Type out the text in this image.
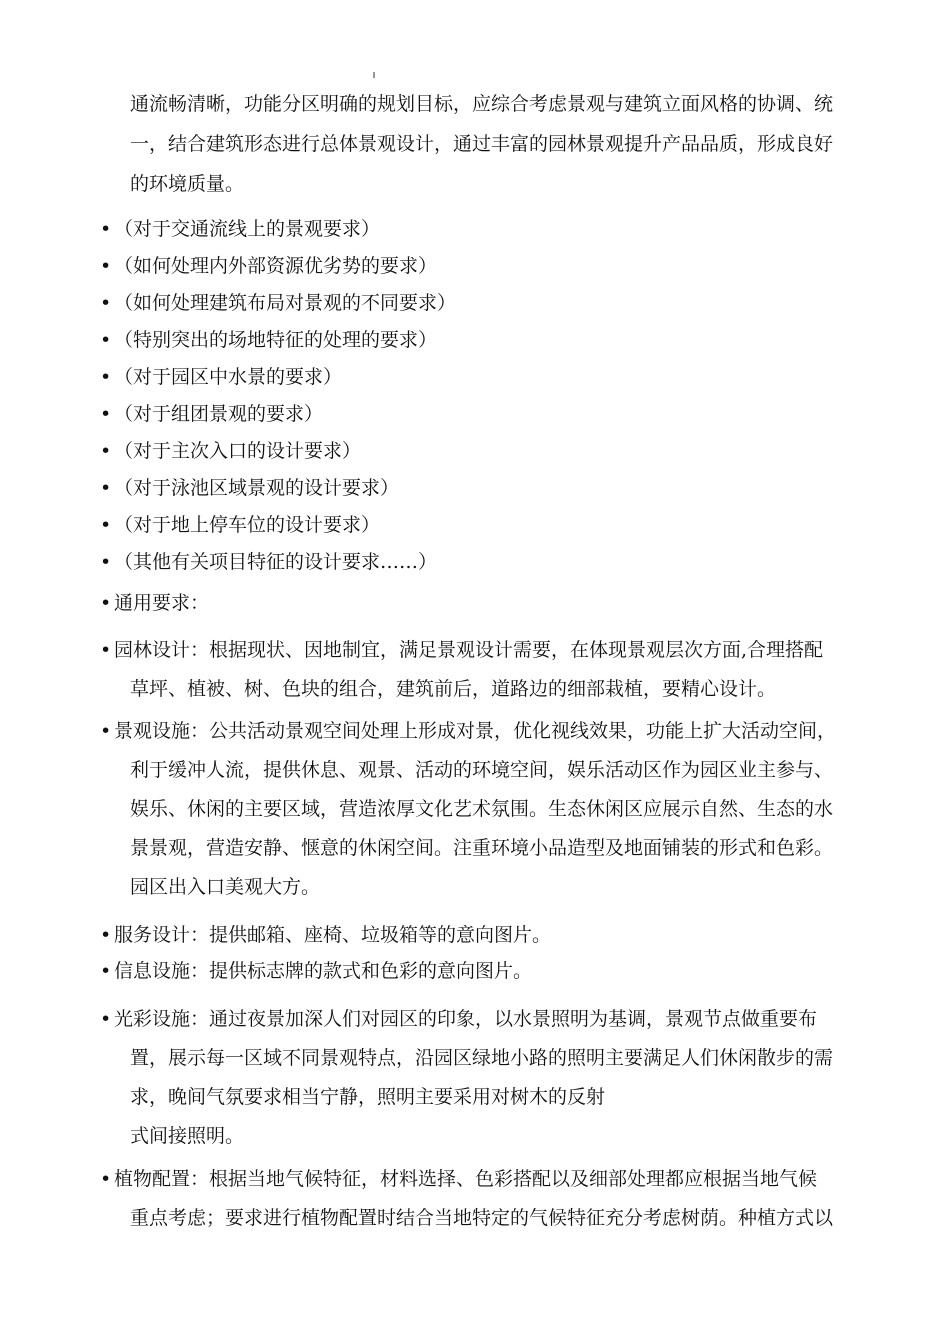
通流畅清晰，功能分区明确的规划目标，应综合考虑景观与建筑立面风格的协调、统
一，结合建筑形态进行总体景观设计，通过丰富的园林景观提升产品品质，形成良好
的环境质量。
• （对于交通流线上的景观要求）
• （如何处理内外部资源优劣势的要求）
• （如何处理建筑布局对景观的不同要求）
• （特别突出的场地特征的处理的要求）
• （对于园区中水景的要求）
• （对于组团景观的要求）
• （对于主次入口的设计要求）
• （对于泳池区域景观的设计要求）
• （对于地上停车位的设计要求）
• （其他有关项目特征的设计要求……）
• 通用要求：
• 园林设计：根据现状、因地制宜，满足景观设计需要，在体现景观层次方面,合理搭配
草坪、植被、树、色块的组合，建筑前后，道路边的细部栽植，要精心设计。
• 景观设施：公共活动景观空间处理上形成对景，优化视线效果，功能上扩大活动空间，
利于缓冲人流，提供休息、观景、活动的环境空间，娱乐活动区作为园区业主参与、
娱乐、休闲的主要区域，营造浓厚文化艺术氛围。生态休闲区应展示自然、生态的水
景景观，营造安静、惬意的休闲空间。注重环境小品造型及地面铺装的形式和色彩。
园区出入口美观大方。
• 服务设计：提供邮箱、座椅、垃圾箱等的意向图片。
• 信息设施：提供标志牌的款式和色彩的意向图片。
• 光彩设施：通过夜景加深人们对园区的印象，以水景照明为基调，景观节点做重要布
置，展示每一区域不同景观特点，沿园区绿地小路的照明主要满足人们休闲散步的需
求，晚间气氛要求相当宁静，照明主要采用对树木的反射
式间接照明。
• 植物配置：根据当地气候特征，材料选择、色彩搭配以及细部处理都应根据当地气候
重点考虑；要求进行植物配置时结合当地特定的气候特征充分考虑树荫。种植方式以
